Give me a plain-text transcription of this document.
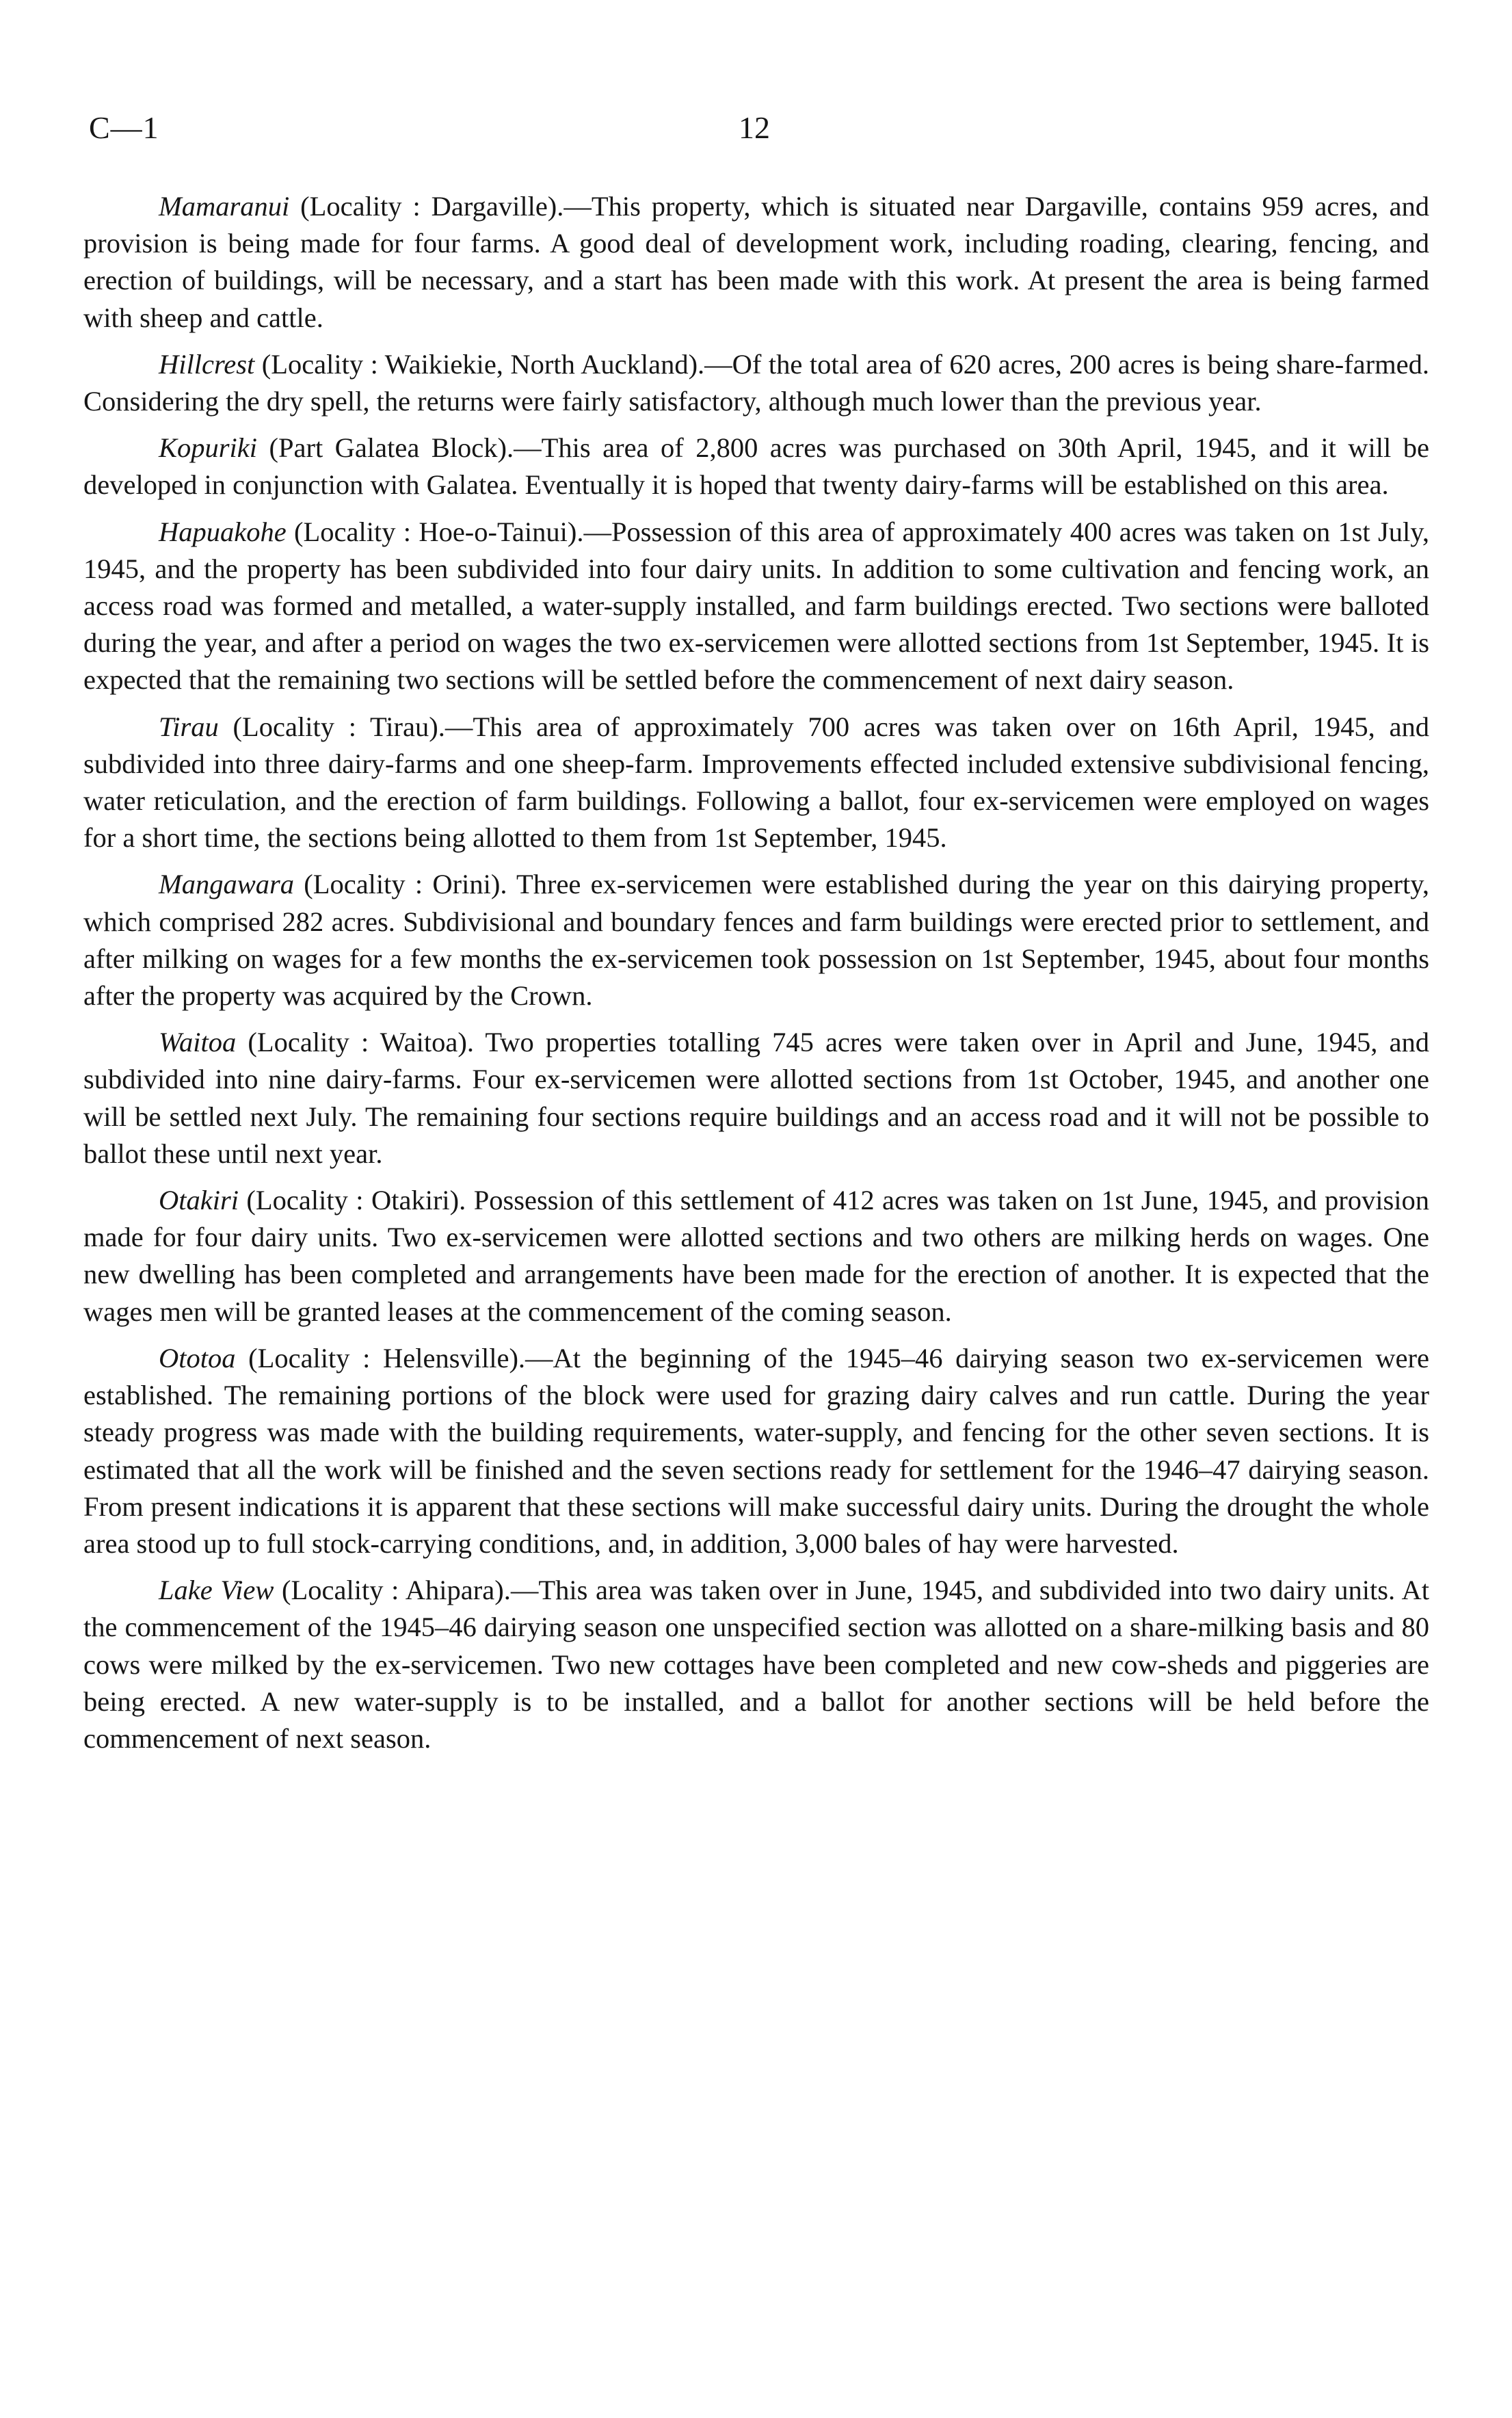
C—1	12

Mamaranui (Locality : Dargaville).—This property, which is situated near Dargaville, contains 959 acres, and provision is being made for four farms. A good deal of development work, including roading, clearing, fencing, and erection of buildings, will be necessary, and a start has been made with this work. At present the area is being farmed with sheep and cattle.

Hillcrest (Locality : Waikiekie, North Auckland).—Of the total area of 620 acres, 200 acres is being share-farmed. Considering the dry spell, the returns were fairly satisfactory, although much lower than the previous year.

Kopuriki (Part Galatea Block).—This area of 2,800 acres was purchased on 30th April, 1945, and it will be developed in conjunction with Galatea. Eventually it is hoped that twenty dairy-farms will be established on this area.

Hapuakohe (Locality : Hoe-o-Tainui).—Possession of this area of approximately 400 acres was taken on 1st July, 1945, and the property has been subdivided into four dairy units. In addition to some cultivation and fencing work, an access road was formed and metalled, a water-supply installed, and farm buildings erected. Two sections were balloted during the year, and after a period on wages the two ex-servicemen were allotted sections from 1st September, 1945. It is expected that the remaining two sections will be settled before the commencement of next dairy season.

Tirau (Locality : Tirau).—This area of approximately 700 acres was taken over on 16th April, 1945, and subdivided into three dairy-farms and one sheep-farm. Improvements effected included extensive subdivisional fencing, water reticulation, and the erection of farm buildings. Following a ballot, four ex-servicemen were employed on wages for a short time, the sections being allotted to them from 1st September, 1945.

Mangawara (Locality : Orini). Three ex-servicemen were established during the year on this dairying property, which comprised 282 acres. Subdivisional and boundary fences and farm buildings were erected prior to settlement, and after milking on wages for a few months the ex-servicemen took possession on 1st September, 1945, about four months after the property was acquired by the Crown.

Waitoa (Locality : Waitoa). Two properties totalling 745 acres were taken over in April and June, 1945, and subdivided into nine dairy-farms. Four ex-servicemen were allotted sections from 1st October, 1945, and another one will be settled next July. The remaining four sections require buildings and an access road and it will not be possible to ballot these until next year.

Otakiri (Locality : Otakiri). Possession of this settlement of 412 acres was taken on 1st June, 1945, and provision made for four dairy units. Two ex-servicemen were allotted sections and two others are milking herds on wages. One new dwelling has been completed and arrangements have been made for the erection of another. It is expected that the wages men will be granted leases at the commencement of the coming season.

Ototoa (Locality : Helensville).—At the beginning of the 1945–46 dairying season two ex-servicemen were established. The remaining portions of the block were used for grazing dairy calves and run cattle. During the year steady progress was made with the building requirements, water-supply, and fencing for the other seven sections. It is estimated that all the work will be finished and the seven sections ready for settlement for the 1946–47 dairying season. From present indications it is apparent that these sections will make successful dairy units. During the drought the whole area stood up to full stock-carrying conditions, and, in addition, 3,000 bales of hay were harvested.

Lake View (Locality : Ahipara).—This area was taken over in June, 1945, and subdivided into two dairy units. At the commencement of the 1945–46 dairying season one unspecified section was allotted on a share-milking basis and 80 cows were milked by the ex-servicemen. Two new cottages have been completed and new cow-sheds and piggeries are being erected. A new water-supply is to be installed, and a ballot for another sections will be held before the commencement of next season.
